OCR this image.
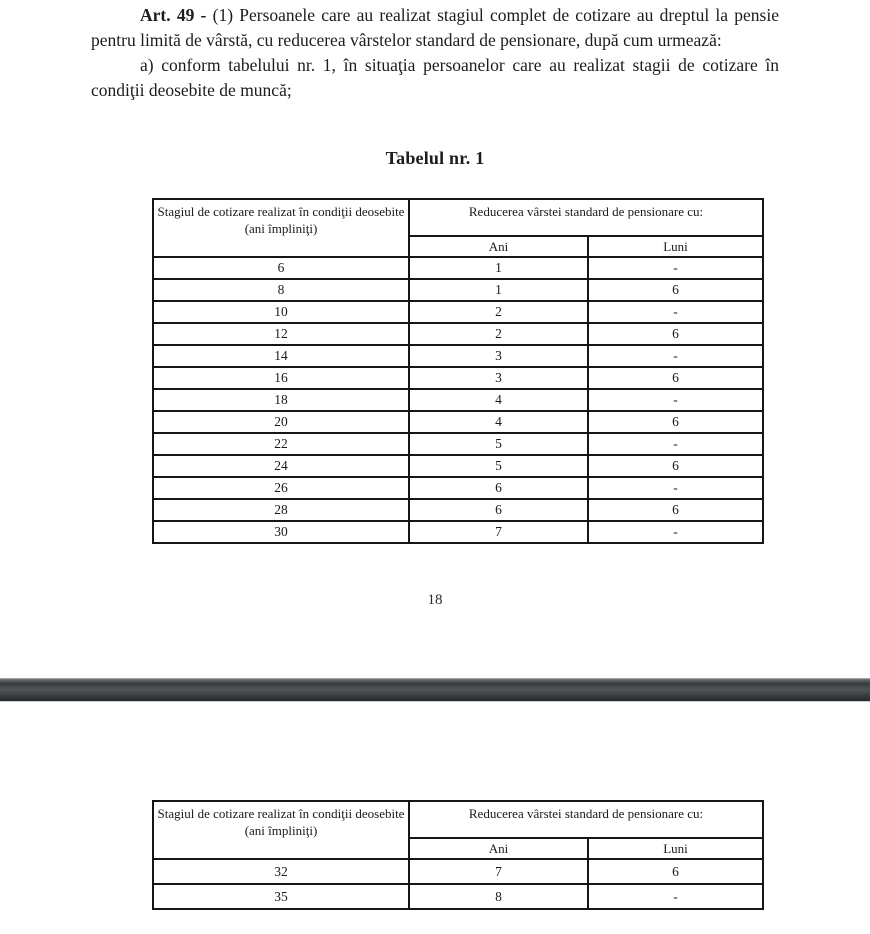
Art. 49 - (1) Persoanele care au realizat stagiul complet de cotizare au dreptul la pensie pentru limită de vârstă, cu reducerea vârstelor standard de pensionare, după cum urmează:

a) conform tabelului nr. 1, în situaţia persoanelor care au realizat stagii de cotizare în condiţii deosebite de muncă;

Tabelul nr. 1
Stagiul de cotizare realizat în condiţii deosebite
(ani împliniţi)	Reducerea vârstei standard de pensionare cu:	
	Ani	Luni
6	1	-
8	1	6
10	2	-
12	2	6
14	3	-
16	3	6
18	4	-
20	4	6
22	5	-
24	5	6
26	6	-
28	6	6
30	7	-
18
Stagiul de cotizare realizat în condiţii deosebite
(ani împliniţi)	Reducerea vârstei standard de pensionare cu:	
	Ani	Luni
32	7	6
35	8	-
